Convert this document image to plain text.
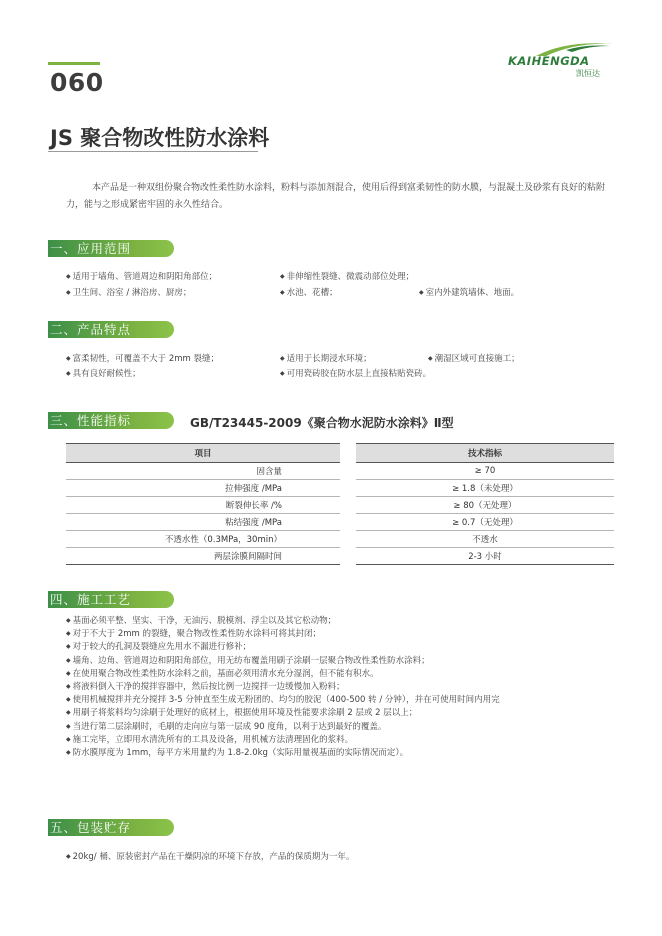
060
KAIHENGDA
凯恒达
JS 聚合物改性防水涂料
本产品是一种双组份聚合物改性柔性防水涂料，粉料与添加剂混合，使用后得到富柔韧性的防水膜，与混凝土及砂浆有良好的粘附力，能与之形成紧密牢固的永久性结合。
一、应用范围
◆ 适用于墙角、管道周边和阴阳角部位；	◆ 非伸缩性裂缝、微震动部位处理；
◆ 卫生间、浴室 / 淋浴房、厨房；	◆ 水池、花槽；	◆ 室内外建筑墙体、地面。
二、产品特点
◆ 富柔韧性，可覆盖不大于 2mm 裂缝；	◆ 适用于长期浸水环境；	◆ 潮湿区域可直接施工；
◆ 具有良好耐候性；	◆ 可用瓷砖胶在防水层上直接粘贴瓷砖。
三、性能指标	GB/T23445-2009《聚合物水泥防水涂料》Ⅱ型
项目		技术指标
固含量		≥ 70
拉伸强度 /MPa		≥ 1.8（未处理）
断裂伸长率 /%		≥ 80（无处理）
粘结强度 /MPa		≥ 0.7（无处理）
不透水性（0.3MPa，30min）		不透水
两层涂膜间隔时间		2-3 小时
四、施工工艺
◆ 基面必须平整、坚实、干净，无油污、脱模剂、浮尘以及其它松动物；
◆ 对于不大于 2mm 的裂缝，聚合物改性柔性防水涂料可将其封闭；
◆ 对于较大的孔洞及裂缝应先用水不漏进行修补；
◆ 墙角、边角、管道周边和阴阳角部位，用无纺布覆盖用刷子涂刷一层聚合物改性柔性防水涂料；
◆ 在使用聚合物改性柔性防水涂料之前，基面必须用清水充分湿润，但不能有积水。
◆ 将液料倒入干净的搅拌容器中，然后按比例一边搅拌一边缓慢加入粉料；
◆ 使用机械搅拌并充分搅拌 3-5 分钟直至生成无粉团的、均匀的胶泥（400-500 转 / 分钟），并在可使用时间内用完
◆ 用刷子将浆料均匀涂刷于处理好的底材上，根据使用环境及性能要求涂刷 2 层或 2 层以上；
◆ 当进行第二层涂刷时，毛刷的走向应与第一层成 90 度角，以利于达到最好的覆盖。
◆ 施工完毕，立即用水清洗所有的工具及设备，用机械方法清理固化的浆料。
◆ 防水膜厚度为 1mm，每平方米用量约为 1.8-2.0kg（实际用量视基面的实际情况而定）。
五、包装贮存
◆ 20kg/ 桶、原装密封产品在干燥阴凉的环境下存放，产品的保质期为一年。
